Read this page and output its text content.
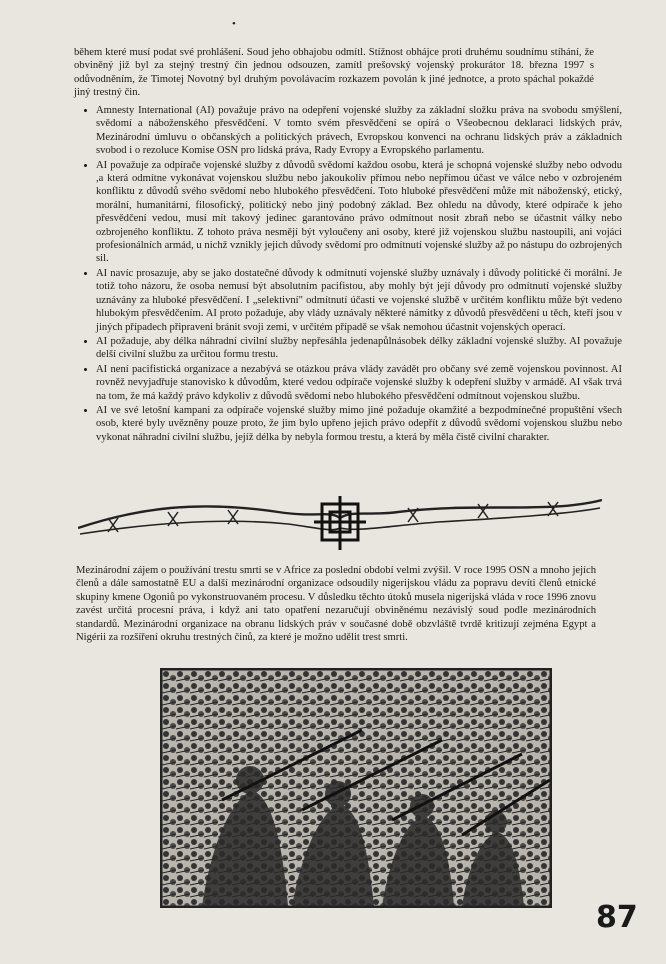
•

během které musí podat své prohlášení. Soud jeho obhajobu odmítl. Stížnost obhájce proti druhému soudnímu stíhání, že obviněný již byl za stejný trestný čin jednou odsouzen, zamítl prešovský vojenský prokurátor 18. března 1997 s odůvodněním, že Timotej Novotný byl druhým povolávacím rozkazem povolán k jiné jednotce, a proto spáchal pokaždé jiný trestný čin.

• Amnesty International (AI) považuje právo na odepření vojenské služby za základní složku práva na svobodu smýšlení, svědomí a náboženského přesvědčení. V tomto svém přesvědčení se opírá o Všeobecnou deklaraci lidských práv, Mezinárodní úmluvu o občanských a politických právech, Evropskou konvenci na ochranu lidských práv a základních svobod i o rezoluce Komise OSN pro lidská práva, Rady Evropy a Evropského parlamentu.
• AI považuje za odpírače vojenské služby z důvodů svědomí každou osobu, která je schopná vojenské služby nebo odvodu ,a která odmítne vykonávat vojenskou službu nebo jakoukoliv přímou nebo nepřímou účast ve válce nebo v ozbrojeném konfliktu z důvodů svého svědomí nebo hlubokého přesvědčení. Toto hluboké přesvědčení může mít náboženský, etický, morální, humanitární, filosofický, politický nebo jiný podobný základ. Bez ohledu na důvody, které odpírače k jeho přesvědčení vedou, musí mít takový jedinec garantováno právo odmítnout nosit zbraň nebo se účastnit války nebo ozbrojeného konfliktu. Z tohoto práva nesmějí být vyloučeny ani osoby, které již vojenskou službu nastoupili, ani vojáci profesionálních armád, u nichž vznikly jejich důvody svědomí pro odmítnutí vojenské služby až po nástupu do ozbrojených sil.
• AI navíc prosazuje, aby se jako dostatečné důvody k odmítnutí vojenské služby uznávaly i důvody politické či morální. Je totiž toho názoru, že osoba nemusí být absolutním pacifistou, aby mohly být její důvody pro odmítnutí vojenské služby uznávány za hluboké přesvědčení. I „selektivní" odmítnutí účasti ve vojenské službě v určitém konfliktu může být vedeno hlubokým přesvědčením. AI proto požaduje, aby vlády uznávaly některé námitky z důvodů přesvědčení u těch, kteří jsou v jiných případech připraveni bránit svoji zemi, v určitém případě se však nemohou účastnit vojenských operací.
• AI požaduje, aby délka náhradní civilní služby nepřesáhla jedenapůlnásobek délky základní vojenské služby. AI považuje delší civilní službu za určitou formu trestu.
• AI není pacifistická organizace a nezabývá se otázkou práva vlády zavádět pro občany své země vojenskou povinnost. AI rovněž nevyjadřuje stanovisko k důvodům, které vedou odpírače vojenské služby k odepření služby v armádě. AI však trvá na tom, že má každý právo kdykoliv z důvodů svědomí nebo hlubokého přesvědčení odmítnout vojenskou službu.
• AI ve své letošní kampani za odpírače vojenské služby mimo jiné požaduje okamžité a bezpodmínečné propuštění všech osob, které byly uvězněny pouze proto, že jim bylo upřeno jejich právo odepřít z důvodů svědomí vojenskou službu nebo vykonat náhradní civilní službu, jejíž délka by nebyla formou trestu, a která by měla čistě civilní charakter.

Mezinárodní zájem o používání trestu smrti se v Africe za poslední období velmi zvýšil. V roce 1995 OSN a mnoho jejích členů a dále samostatně EU a další mezinárodní organizace odsoudily nigerijskou vládu za popravu devíti členů etnické skupiny kmene Ogoniů po vykonstruovaném procesu. V důsledku těchto útoků musela nigerijská vláda v roce 1996 znovu zavést určitá procesní práva, i když ani tato opatření nezaručují obviněnému nezávislý soud podle mezinárodních standardů. Mezinárodní organizace na obranu lidských práv v současné době obzvláště tvrdě kritizují zejména Egypt a Nigérii za rozšíření okruhu trestných činů, za které je možno udělit trest smrti.

87
